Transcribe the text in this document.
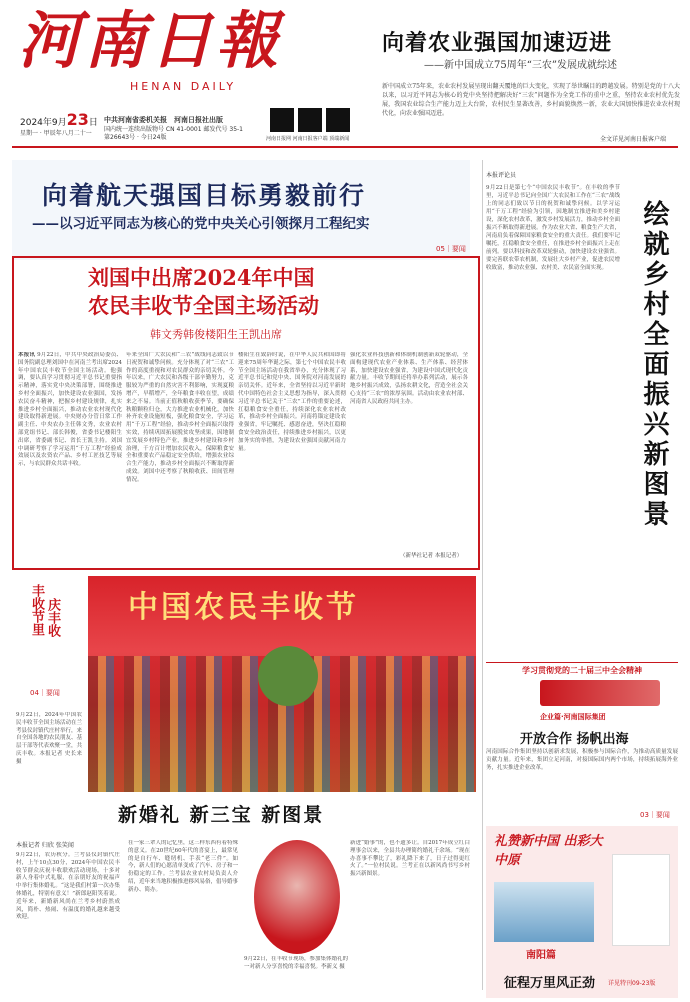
河南日報
HENAN DAILY
2024年9月23日
星期一 · 甲辰年八月二十一
中共河南省委机关报　 河南日报社出版
国内统一连续出版物号 CN 41-0001 邮发代号 35-1
第26643号 · 今日24版	河南日报网 河南日报客户端 顶端新闻
向着农业强国加速迈进
——新中国成立75周年“三农”发展成就综述
新中国成立75年来，农业农村发展呈现出翻天覆地的巨大变化，实现了举世瞩目的跨越发展。特别是党的十八大以来，以习近平同志为核心的党中央坚持把解决好“三农”问题作为全党工作的重中之重，坚持农业农村优先发展，我国农业综合生产能力迈上大台阶，农村民生显著改善，乡村面貌焕然一新，农业大国加快推进农业农村现代化，向农业强国迈进。
全文详见河南日报客户端
向着航天强国目标勇毅前行
——以习近平同志为核心的党中央关心引领探月工程纪实
05｜要闻
刘国中出席2024年中国
农民丰收节全国主场活动
韩文秀韩俊楼阳生王凯出席
本报讯 9月22日，中共中央政治局委员、国务院副总理刘国中在河南兰考出席2024年中国农民丰收节全国主场活动。他强调，要认真学习贯彻习近平总书记重要指示精神，落实党中央决策部署，围绕推进乡村全面振兴，加快建设农业强国，发扬农民奋斗精神，把握乡村建设规律，扎实推进乡村全面振兴，推动农业农村现代化建设取得新进展。中央财办分管日常工作副主任、中央农办主任韩文秀，农业农村部党组书记、部长韩俊，省委书记楼阳生出席，省委副书记、省长王凯主持。刘国中调研考察了学习运用“千万工程”经验成效展以及农资农产品、乡村工匠技艺等展示，与农民群众共话丰收。
年来全国广大农民和“三农”战线同志致以节日祝贺和诚挚问候。充分体现了对“三农”工作的高度重视和对农民群众的亲切关怀。今年以来，广大农民和各级干部辛勤努力，克服较为严重的自然灾害不利影响，实现夏粮增产，早稻增产，全年粮食丰收在望，成绩来之不易。当前正值秋粮收获季节，要确保秋粮颗粒归仓，大力推进农业机械化，加快补齐农业设施短板，强化粮食安全，学习运用“千万工程”经验，推动乡村全面振兴取得实效，持续巩固拓展脱贫攻坚成果，因地制宜发展乡村特色产业，推进乡村建设和乡村治理，千方百计增加农民收入，保障粮食安全和重要农产品稳定安全供给，增强农业综合生产能力，推动乡村全面振兴不断取得新成效。刘国中还考察了秋粮收获、田间管理情况。
楼阳生在致辞时说，在中华人民共和国即将迎来75周年华诞之际，第七个中国农民丰收节全国主场活动在我省举办，充分体现了习近平总书记和党中央、国务院对河南发展的亲切关怀。近年来，全省坚持以习近平新时代中国特色社会主义思想为指导，深入贯彻习近平总书记关于“三农”工作的重要论述，扛稳粮食安全重任，持续深化农业农村改革，推动乡村全面振兴。河南将锚定建设农业强省，牢记嘱托、感恩奋进，坚决扛稳粮食安全政治责任，持续推进乡村振兴，以更加务实的举措，为建设农业强国贡献河南力量。
强化农业科技创新和体制机制创新双轮驱动，全面构建现代农业产业体系、生产体系、经营体系，加快建设农业强省，为建设中国式现代化贡献力量。丰收节期间还将举办系列活动，展示各地乡村振兴成效，弘扬农耕文化，营造全社会关心支持“三农”的浓厚氛围。活动由农业农村部、河南省人民政府共同主办。
（新华社记者 本报记者）
中国农民丰收节
庆丰收
丰收节里
04｜要闻
9月22日，2024年中国农民丰收节全国主场活动在兰考县仪封镇代庄村举行，来自全国各地的农民朋友、基层干部等代表欢聚一堂，共庆丰收。本报记者 史长来 摄
新婚礼 新三宝 新图景
本报记者 归欣 张笑闻
9月22日，农历秋分。兰考县仪封镇代庄村，上午10点30分，2024年中国农民丰收节群众庆祝丰收联欢活动现场，十多对新人身着中式礼服，在亲朋好友的祝福声中举行集体婚礼。“这是我们村第一次办集体婚礼，特别有意义！”新郎赵阳笑着说。近年来，新婚新风尚在兰考乡村蔚然成风，简朴、热闹、有温度的婚礼越来越受欢迎。
在一家三辈人的记忆里，这三样东西有着特殊的意义。在20世纪60年代的喜宴上，最常见的是自行车、缝纫机、手表“老三件”。如今，新人们的心愿清单变成了汽车、房子和一份稳定的工作。兰考县农业农村局负责人介绍，近年来当地积极推进移风易俗，倡导婚事新办、简办。
9月22日，在丰收节现场，参加集体婚礼的一对新人分享喜悦的幸福喜悦。李新义 摄
新进“婚事”的，也不遗多让。自2017年成立红白理事会以来，全县共办理简约婚礼千余场。“现在办喜事不攀比了，彩礼降下来了，日子过得更红火了。”一位村民说。兰考正在以新风尚书写乡村振兴新图景。
本报评论员
9月22日是第七个“中国农民丰收节”。在丰收的季节里，习近平总书记向全国广大农民和工作在“三农”战线上的同志们致以节日的祝贺和诚挚问候。以学习运用“千万工程”经验为引领，因地制宜推进和美乡村建设，深化农村改革，激发乡村发展活力，推动乡村全面振兴不断取得新进展。作为农业大省、粮食生产大省，河南肩负着保障国家粮食安全的重大责任。我们要牢记嘱托，扛稳粮食安全重任，在推进乡村全面振兴上走在前列。要以科技和改革双轮驱动，加快建设农业强省。要完善联农带农机制，发展壮大乡村产业，促进农民增收致富，推动农业强、农村美、农民富全面实现。	绘就乡村全面振兴新图景
学习贯彻党的二十届三中全会精神
企业篇·河南国际集团
开放合作 扬帆出海
河南国际合作集团坚持以创新求发展，积极参与国际合作，为推动高质量发展贡献力量。近年来，集团立足河南，对接国际国内两个市场，持续拓展海外业务，扎实推进企业改革。
03｜要闻
礼赞新中国 出彩大中原
南阳篇
征程万里风正劲 详见特刊09-23版
